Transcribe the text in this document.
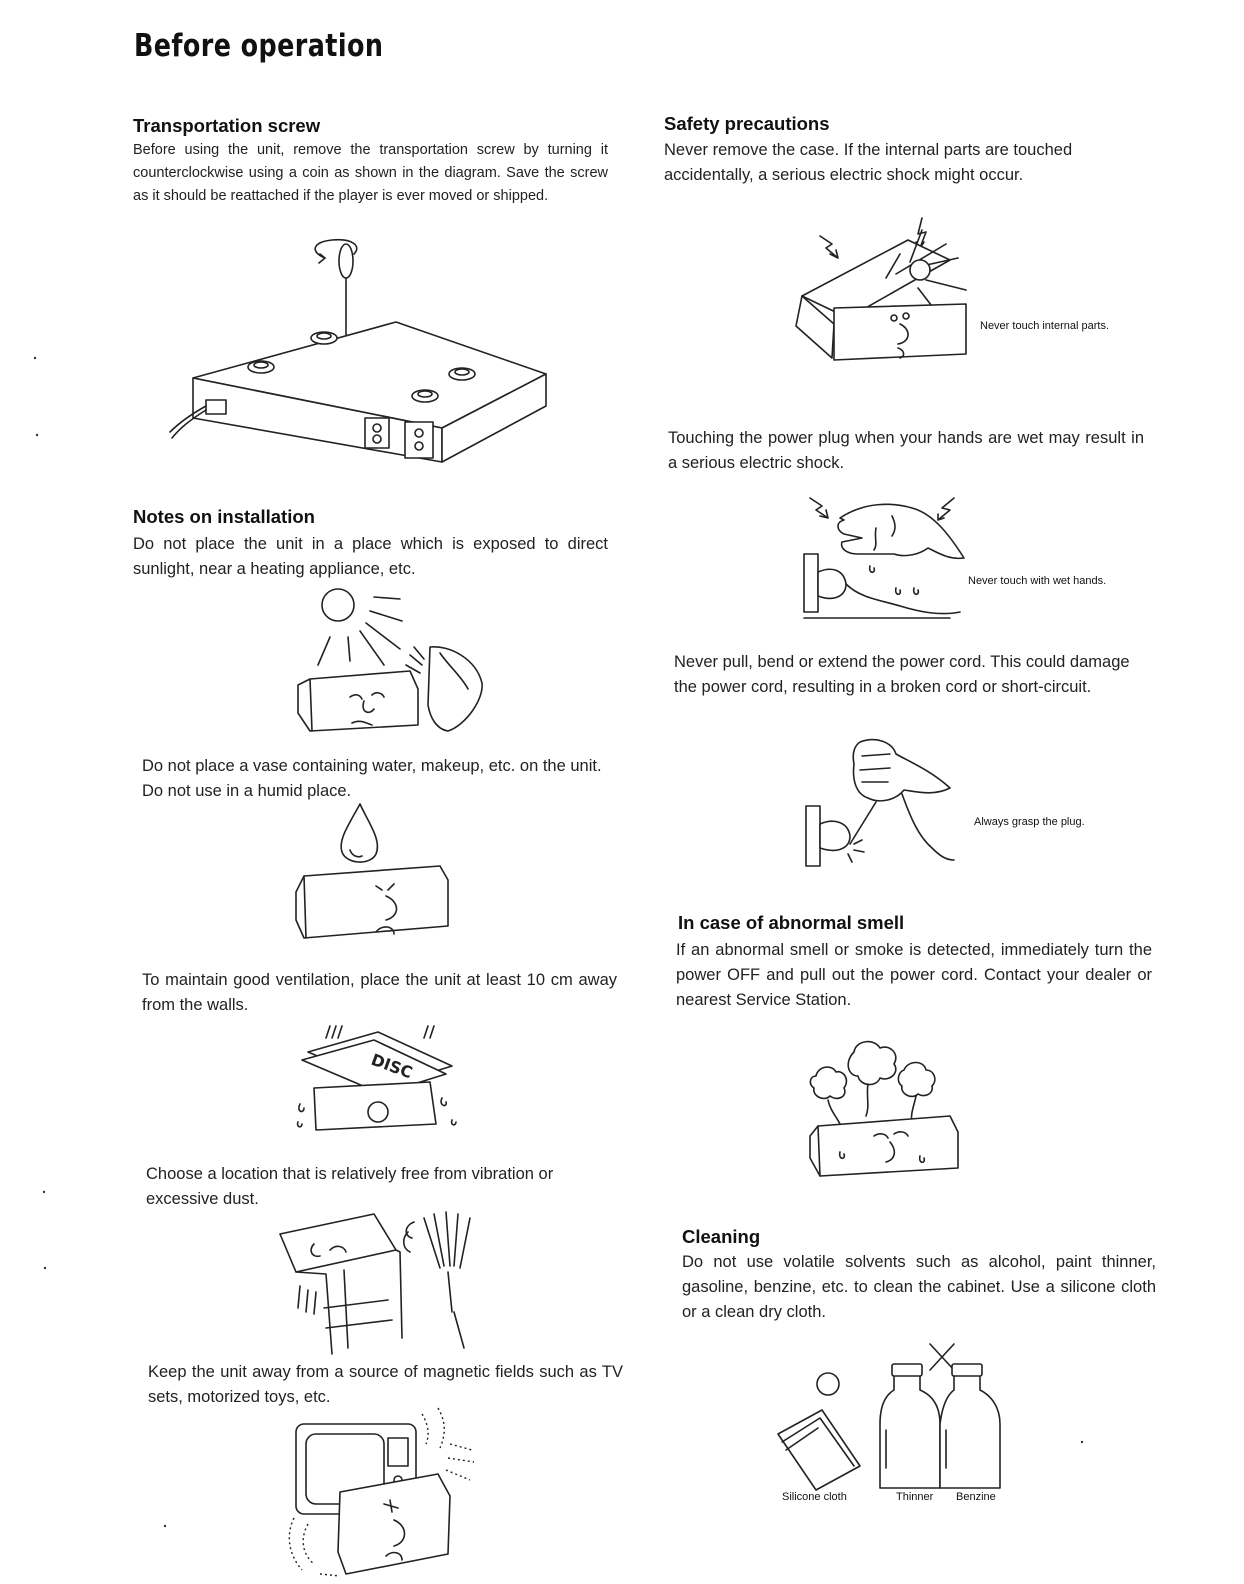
Before operation
Transportation screw
Before using the unit, remove the transportation screw by turning it counterclockwise using a coin as shown in the diagram. Save the screw as it should be reattached if the player is ever moved or shipped.
Notes on installation
Do not place the unit in a place which is exposed to direct sunlight, near a heating appliance, etc.
Do not place a vase containing water, makeup, etc. on the unit. Do not use in a humid place.
To maintain good ventilation, place the unit at least 10 cm away from the walls.
DISC
Choose a location that is relatively free from vibration or excessive dust.
Keep the unit away from a source of magnetic fields such as TV sets, motorized toys, etc.
Safety precautions
Never remove the case. If the internal parts are touched accidentally, a serious electric shock might occur.
Never touch internal parts.
Touching the power plug when your hands are wet may result in a serious electric shock.
Never touch with wet hands.
Never pull, bend or extend the power cord. This could damage the power cord, resulting in a broken cord or short-circuit.
Always grasp the plug.
In case of abnormal smell
If an abnormal smell or smoke is detected, immediately turn the power OFF and pull out the power cord. Contact your dealer or nearest Service Station.
Cleaning
Do not use volatile solvents such as alcohol, paint thinner, gasoline, benzine, etc. to clean the cabinet. Use a silicone cloth or a clean dry cloth.
Silicone cloth	Thinner Benzine
